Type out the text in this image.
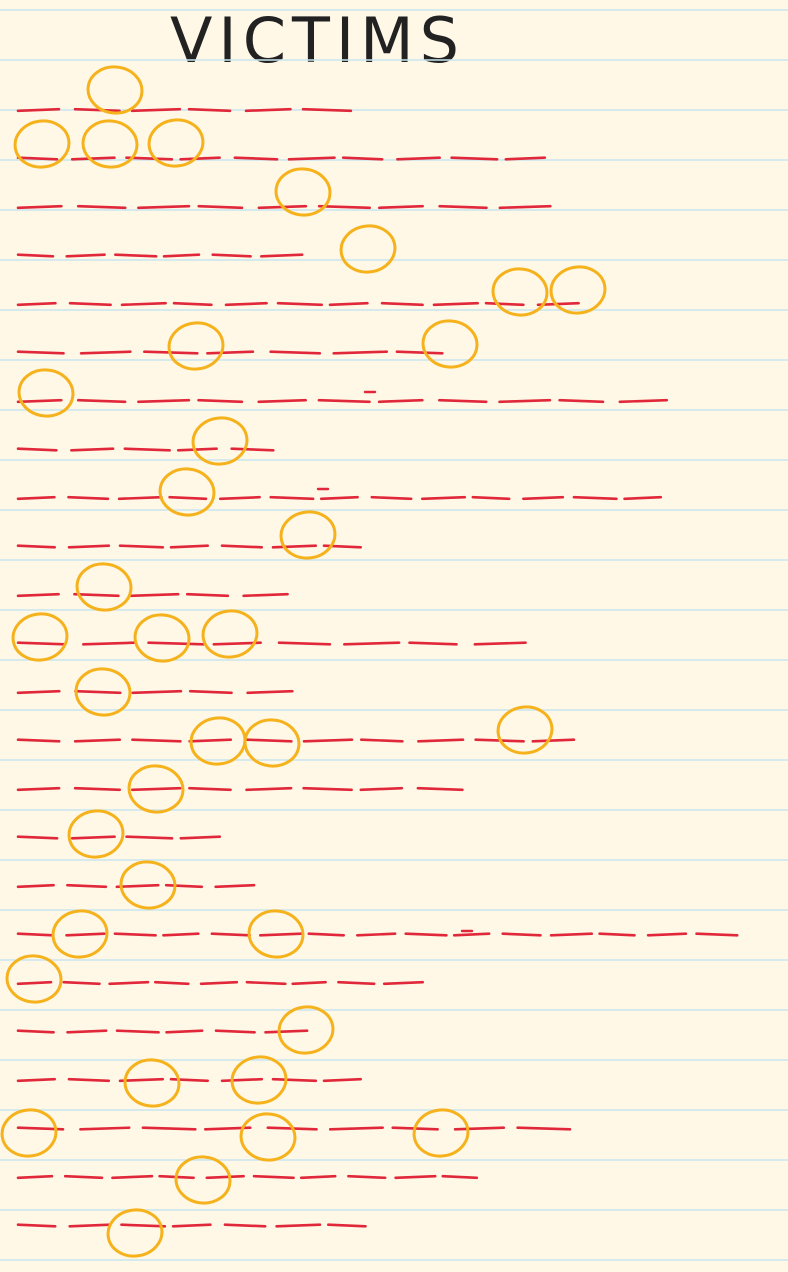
VICTIMS
